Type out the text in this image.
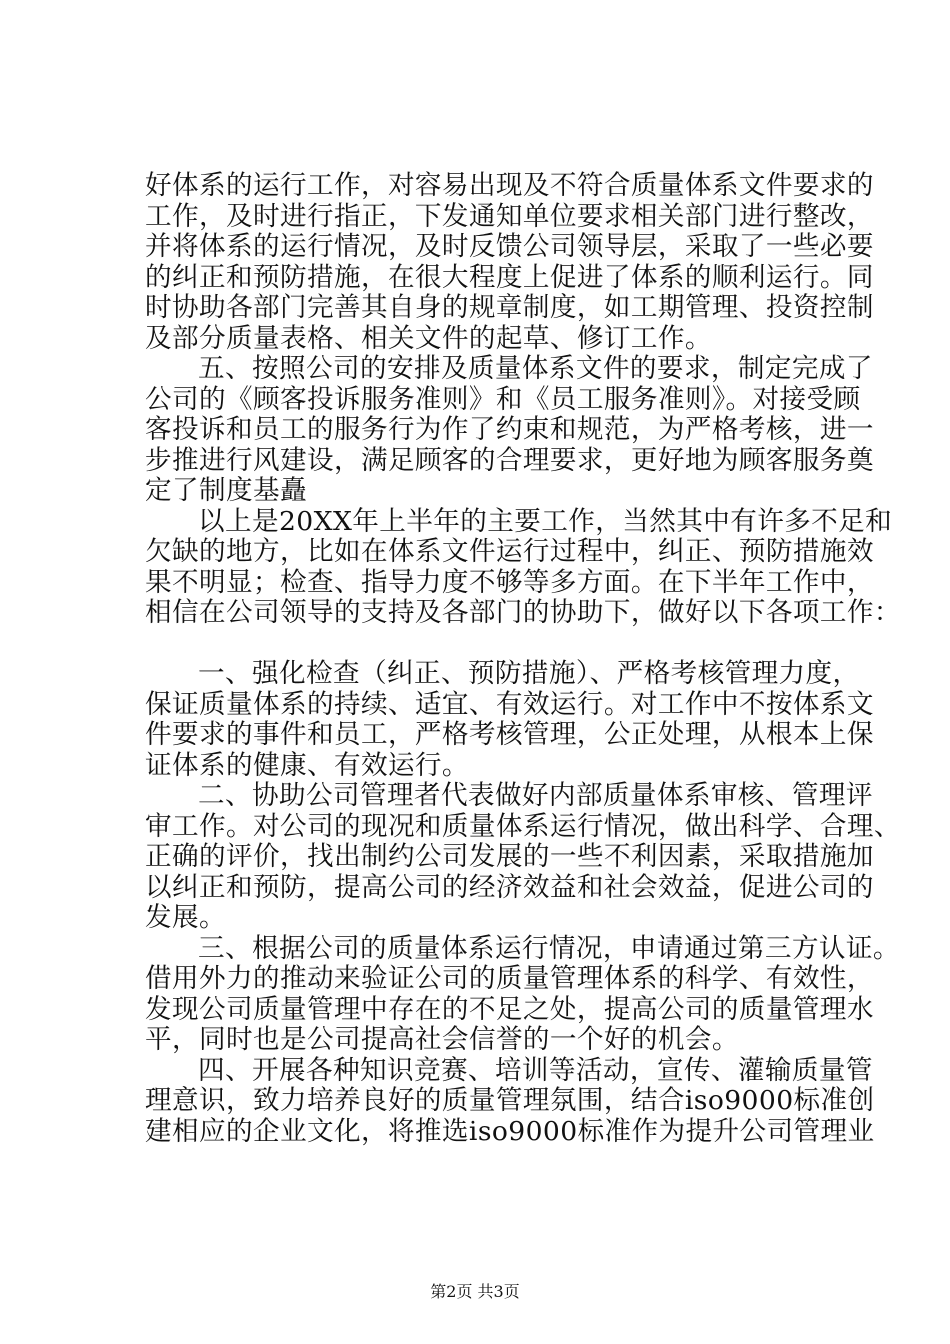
好体系的运行工作，对容易出现及不符合质量体系文件要求的
工作，及时进行指正，下发通知单位要求相关部门进行整改，
并将体系的运行情况，及时反馈公司领导层，采取了一些必要
的纠正和预防措施，在很大程度上促进了体系的顺利运行。同
时协助各部门完善其自身的规章制度，如工期管理、投资控制
及部分质量表格、相关文件的起草、修订工作。
五、按照公司的安排及质量体系文件的要求，制定完成了
公司的《顾客投诉服务准则》和《员工服务准则》。对接受顾
客投诉和员工的服务行为作了约束和规范，为严格考核，进一
步推进行风建设，满足顾客的合理要求，更好地为顾客服务奠
定了制度基矗
以上是20XX年上半年的主要工作，当然其中有许多不足和
欠缺的地方，比如在体系文件运行过程中，纠正、预防措施效
果不明显；检查、指导力度不够等多方面。在下半年工作中，
相信在公司领导的支持及各部门的协助下，做好以下各项工作：
一、强化检查（纠正、预防措施）、严格考核管理力度，
保证质量体系的持续、适宜、有效运行。对工作中不按体系文
件要求的事件和员工，严格考核管理，公正处理，从根本上保
证体系的健康、有效运行。
二、协助公司管理者代表做好内部质量体系审核、管理评
审工作。对公司的现况和质量体系运行情况，做出科学、合理、
正确的评价，找出制约公司发展的一些不利因素，采取措施加
以纠正和预防，提高公司的经济效益和社会效益，促进公司的
发展。
三、根据公司的质量体系运行情况，申请通过第三方认证。
借用外力的推动来验证公司的质量管理体系的科学、有效性，
发现公司质量管理中存在的不足之处，提高公司的质量管理水
平，同时也是公司提高社会信誉的一个好的机会。
四、开展各种知识竞赛、培训等活动，宣传、灌输质量管
理意识，致力培养良好的质量管理氛围，结合iso9000标准创
建相应的企业文化，将推选iso9000标准作为提升公司管理业
第2页 共3页
